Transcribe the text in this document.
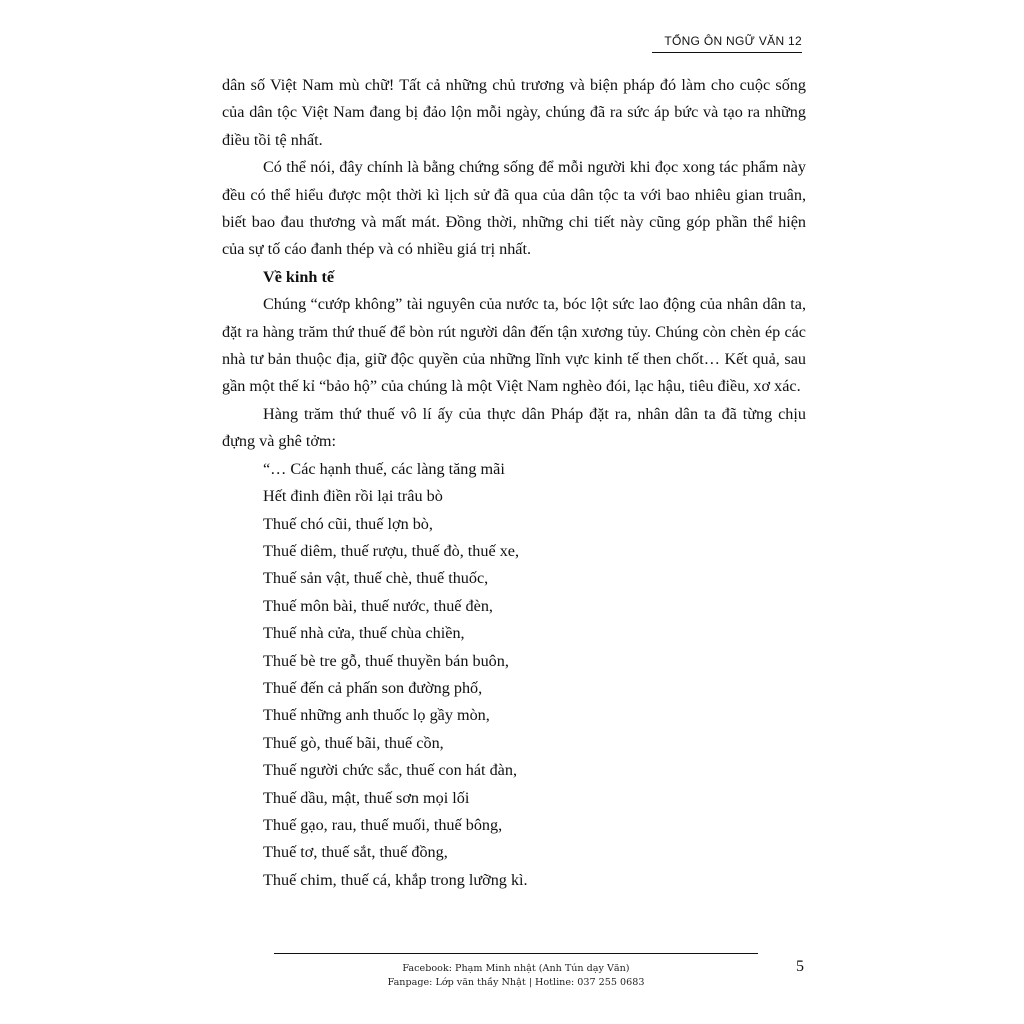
TỔNG ÔN NGỮ VĂN 12

dân số Việt Nam mù chữ! Tất cả những chủ trương và biện pháp đó làm cho cuộc sống của dân tộc Việt Nam đang bị đảo lộn mỗi ngày, chúng đã ra sức áp bức và tạo ra những điều tồi tệ nhất.

Có thể nói, đây chính là bằng chứng sống để mỗi người khi đọc xong tác phẩm này đều có thể hiểu được một thời kì lịch sử đã qua của dân tộc ta với bao nhiêu gian truân, biết bao đau thương và mất mát. Đồng thời, những chi tiết này cũng góp phần thể hiện của sự tố cáo đanh thép và có nhiều giá trị nhất.

Về kinh tế

Chúng “cướp không” tài nguyên của nước ta, bóc lột sức lao động của nhân dân ta, đặt ra hàng trăm thứ thuế để bòn rút người dân đến tận xương tủy. Chúng còn chèn ép các nhà tư bản thuộc địa, giữ độc quyền của những lĩnh vực kinh tế then chốt… Kết quả, sau gần một thế kỉ “bảo hộ” của chúng là một Việt Nam nghèo đói, lạc hậu, tiêu điều, xơ xác.

Hàng trăm thứ thuế vô lí ấy của thực dân Pháp đặt ra, nhân dân ta đã từng chịu đựng và ghê tởm:

“… Các hạnh thuế, các làng tăng mãi
Hết đinh điền rồi lại trâu bò
Thuế chó cũi, thuế lợn bò,
Thuế diêm, thuế rượu, thuế đò, thuế xe,
Thuế sản vật, thuế chè, thuế thuốc,
Thuế môn bài, thuế nước, thuế đèn,
Thuế nhà cửa, thuế chùa chiền,
Thuế bè tre gỗ, thuế thuyền bán buôn,
Thuế đến cả phấn son đường phố,
Thuế những anh thuốc lọ gầy mòn,
Thuế gò, thuế bãi, thuế cồn,
Thuế người chức sắc, thuế con hát đàn,
Thuế dầu, mật, thuế sơn mọi lối
Thuế gạo, rau, thuế muối, thuế bông,
Thuế tơ, thuế sắt, thuế đồng,
Thuế chim, thuế cá, khắp trong lưỡng kì.
Facebook: Phạm Minh nhật (Anh Tún dạy Văn)
Fanpage: Lớp văn thầy Nhật | Hotline: 037 255 0683
5
